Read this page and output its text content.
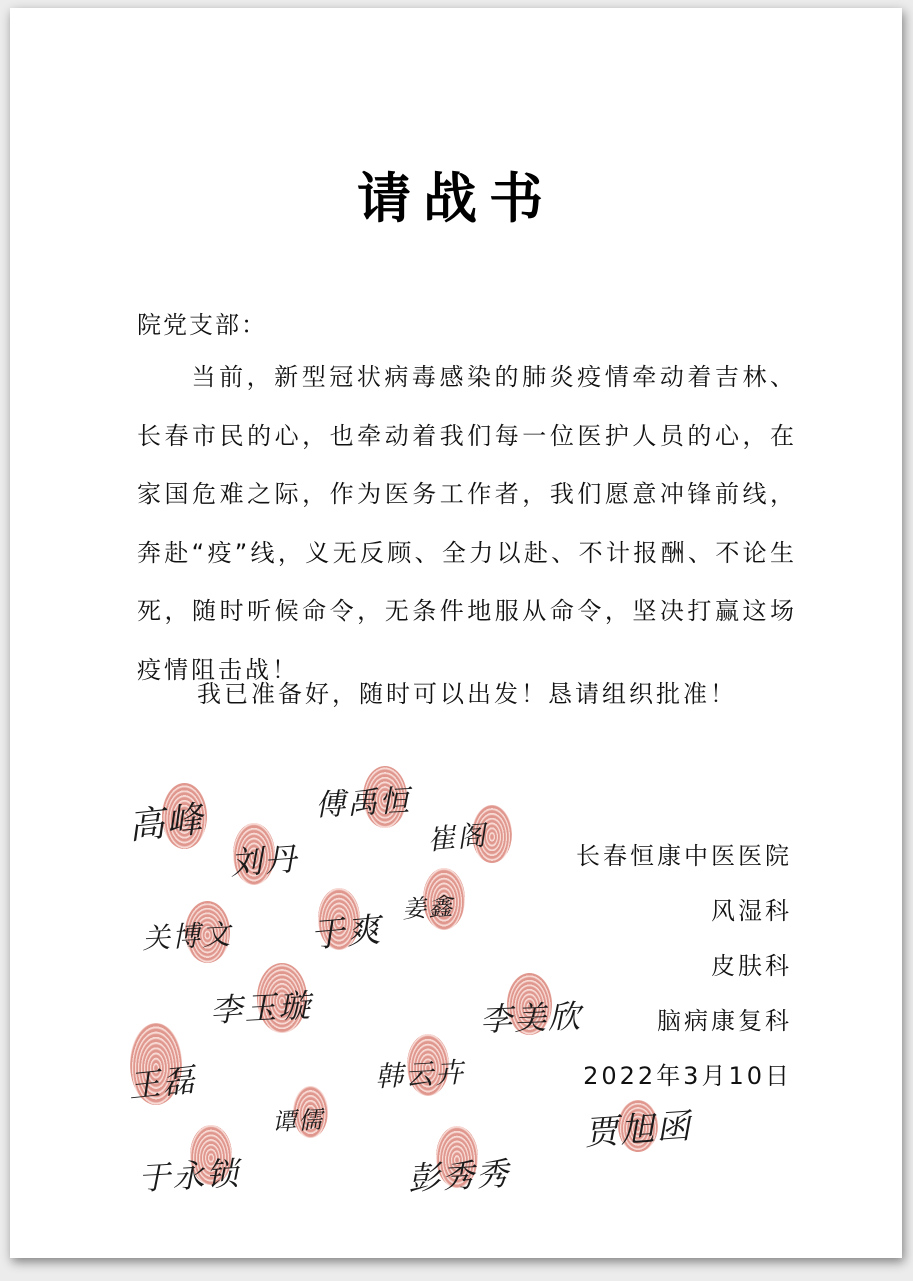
请战书
院党支部：

  当前，新型冠状病毒感染的肺炎疫情牵动着吉林、长春市民的心，也牵动着我们每一位医护人员的心，在家国危难之际，作为医务工作者，我们愿意冲锋前线，奔赴“疫”线，义无反顾、全力以赴、不计报酬、不论生死，随时听候命令，无条件地服从命令，坚决打赢这场疫情阻击战！

我已准备好，随时可以出发！恳请组织批准！
长春恒康中医医院
风湿科
皮肤科
脑病康复科
2022年3月10日
高峰	傅禹恒
崔阁
刘丹
关博文 于爽
姜鑫
李玉璇	李美欣
王磊	韩云卉
谭儒	贾旭函
于永锁	彭秀秀
